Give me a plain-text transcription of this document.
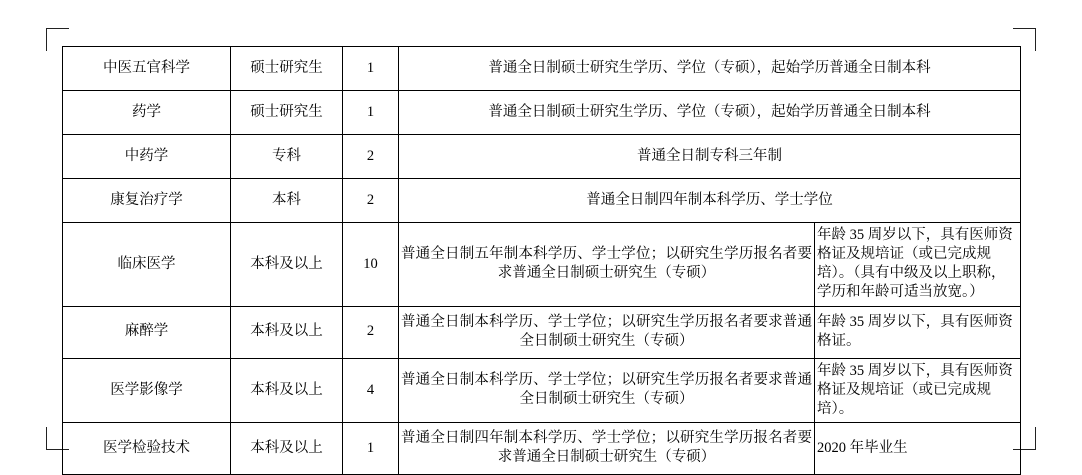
中医五官科学	硕士研究生	1	普通全日制硕士研究生学历、学位（专硕），起始学历普通全日制本科	
药学	硕士研究生	1	普通全日制硕士研究生学历、学位（专硕），起始学历普通全日制本科	
中药学	专科	2	普通全日制专科三年制	
康复治疗学	本科	2	普通全日制四年制本科学历、学士学位	
临床医学	本科及以上	10	普通全日制五年制本科学历、学士学位；以研究生学历报名者要求普通全日制硕士研究生（专硕）	年龄 35 周岁以下，具有医师资格证及规培证（或已完成规培）。（具有中级及以上职称，学历和年龄可适当放宽。）
麻醉学	本科及以上	2	普通全日制本科学历、学士学位；以研究生学历报名者要求普通全日制硕士研究生（专硕）	年龄 35 周岁以下，具有医师资格证。
医学影像学	本科及以上	4	普通全日制本科学历、学士学位；以研究生学历报名者要求普通全日制硕士研究生（专硕）	年龄 35 周岁以下，具有医师资格证及规培证（或已完成规培）。
医学检验技术	本科及以上	1	普通全日制四年制本科学历、学士学位；以研究生学历报名者要求普通全日制硕士研究生（专硕）	2020 年毕业生
